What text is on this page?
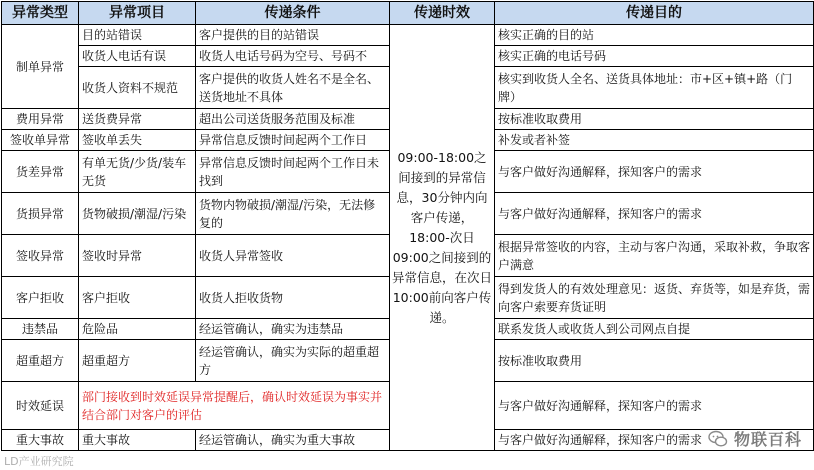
异常类型	异常项目	传递条件	传递时效	传递目的
制单异常	目的站错误	客户提供的目的站错误	09:00-18:00之间接到的异常信息，30分钟内向客户传递，18:00-次日 09:00之间接到的异常信息，在次日10:00前向客户传递。	核实正确的目的站
	收货人电话有误	收货人电话号码为空号、号码不		核实正确的电话号码
	收货人资料不规范	客户提供的收货人姓名不是全名、送货地址不具体		核实到收货人全名、送货具体地址：市+区+镇+路（门牌）
费用异常	送货费异常	超出公司送货服务范围及标准		按标准收取费用
签收单异常	签收单丢失	异常信息反馈时间起两个工作日		补发或者补签
货差异常	有单无货/少货/装车无货	异常信息反馈时间起两个工作日未找到		与客户做好沟通解释，探知客户的需求
货损异常	货物破损/潮湿/污染	货物内物破损/潮湿/污染，无法修复的		与客户做好沟通解释，探知客户的需求
签收异常	签收时异常	收货人异常签收		根据异常签收的内容，主动与客户沟通，采取补救，争取客户满意
客户拒收	客户拒收	收货人拒收货物		得到发货人的有效处理意见：返货、弃货等，如是弃货，需向客户索要弃货证明
违禁品	危险品	经运管确认，确实为违禁品		联系发货人或收货人到公司网点自提
超重超方	超重超方	经运管确认，确实为实际的超重超方		按标准收取费用
时效延误	部门接收到时效延误异常提醒后，确认时效延误为事实并结合部门对客户的评估			与客户做好沟通解释，探知客户的需求
重大事故	重大事故	经运管确认，确实为重大事故		与客户做好沟通解释，探知客户的需求 物联百科
LD产业研究院
